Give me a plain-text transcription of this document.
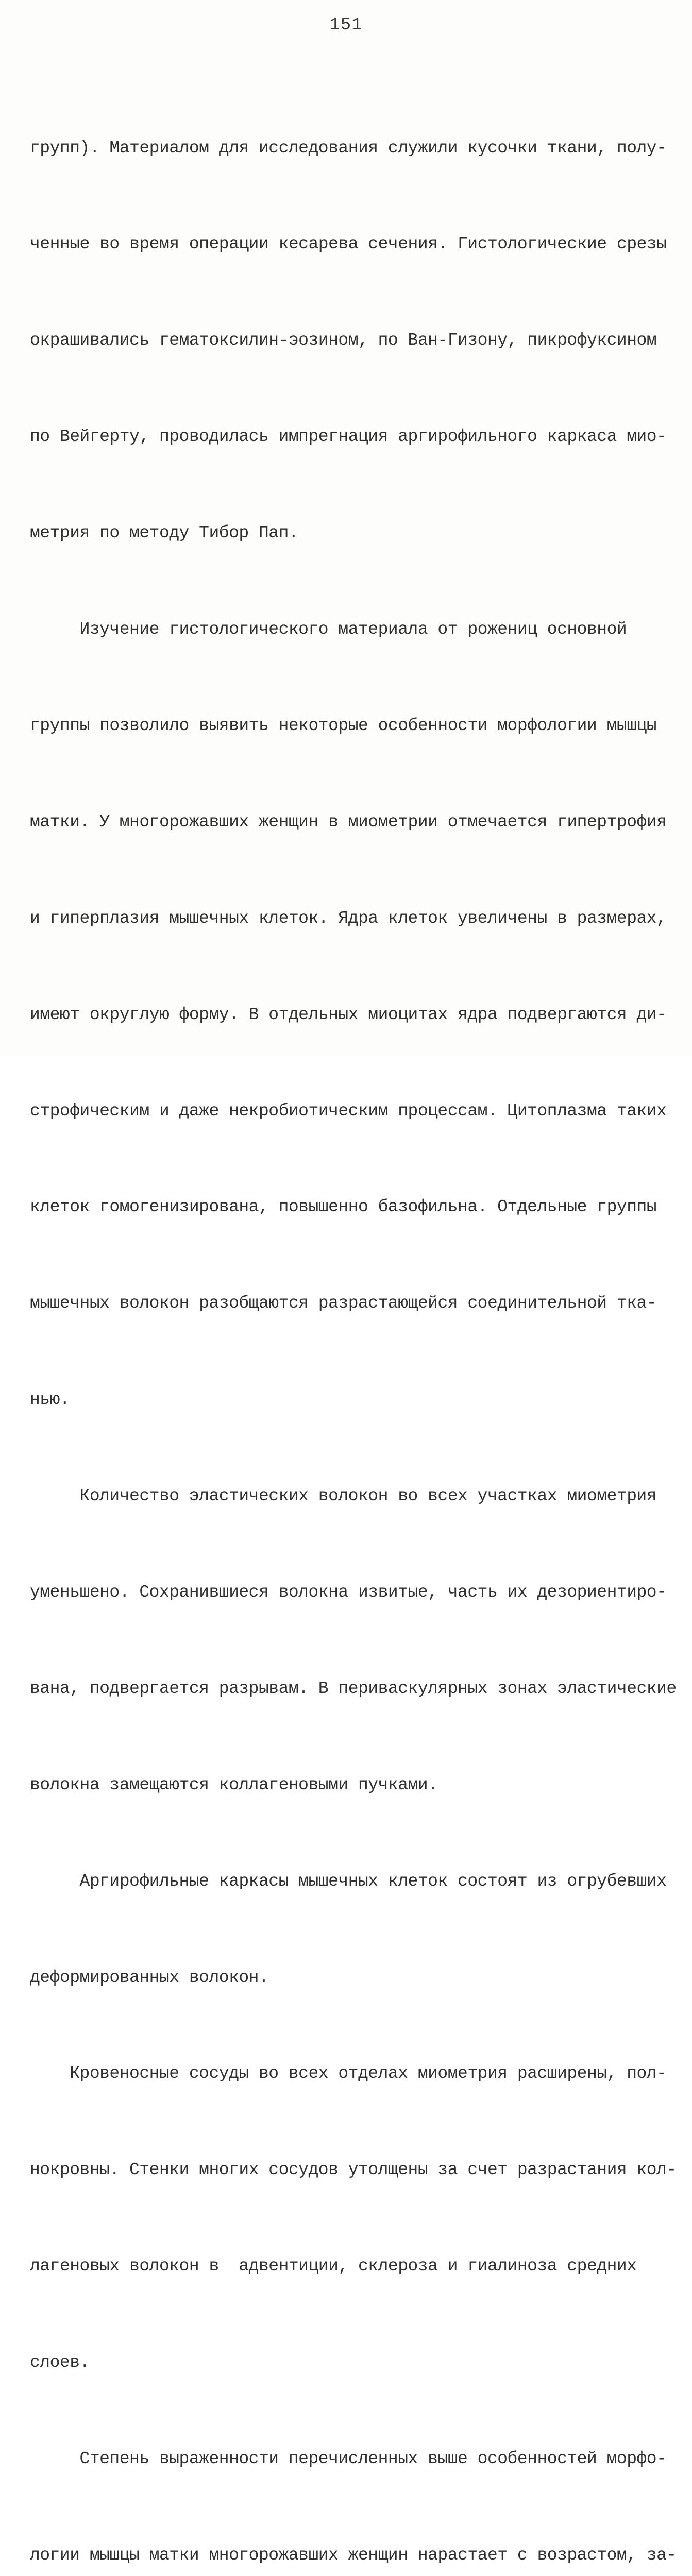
151

групп). Материалом для исследования служили кусочки ткани, полу-

ченные во время операции кесарева сечения. Гистологические срезы

окрашивались гематоксилин-эозином, по Ван-Гизону, пикрофуксином

по Вейгерту, проводилась импрегнация аргирофильного каркаса мио-

метрия по методу Тибор Пап.

Изучение гистологического материала от рожениц основной

группы позволило выявить некоторые особенности морфологии мышцы

матки. У многорожавших женщин в миометрии отмечается гипертрофия

и гиперплазия мышечных клеток. Ядра клеток увеличены в размерах,

имеют округлую форму. В отдельных миоцитах ядра подвергаются ди-

строфическим и даже некробиотическим процессам. Цитоплазма таких

клеток гомогенизирована, повышенно базофильна. Отдельные группы

мышечных волокон разобщаются разрастающейся соединительной тка-

нью.

Количество эластических волокон во всех участках миометрия

уменьшено. Сохранившиеся волокна извитые, часть их дезориентиро-

вана, подвергается разрывам. В периваскулярных зонах эластические

волокна замещаются коллагеновыми пучками.

Аргирофильные каркасы мышечных клеток состоят из огрубевших

деформированных волокон.

Кровеносные сосуды во всех отделах миометрия расширены, пол-

нокровны. Стенки многих сосудов утолщены за счет разрастания кол-

лагеновых волокон в  адвентиции, склероза и гиалиноза средних

слоев.

Степень выраженности перечисленных выше особенностей морфо-

логии мышцы матки многорожавших женщин нарастает с возрастом, за-
